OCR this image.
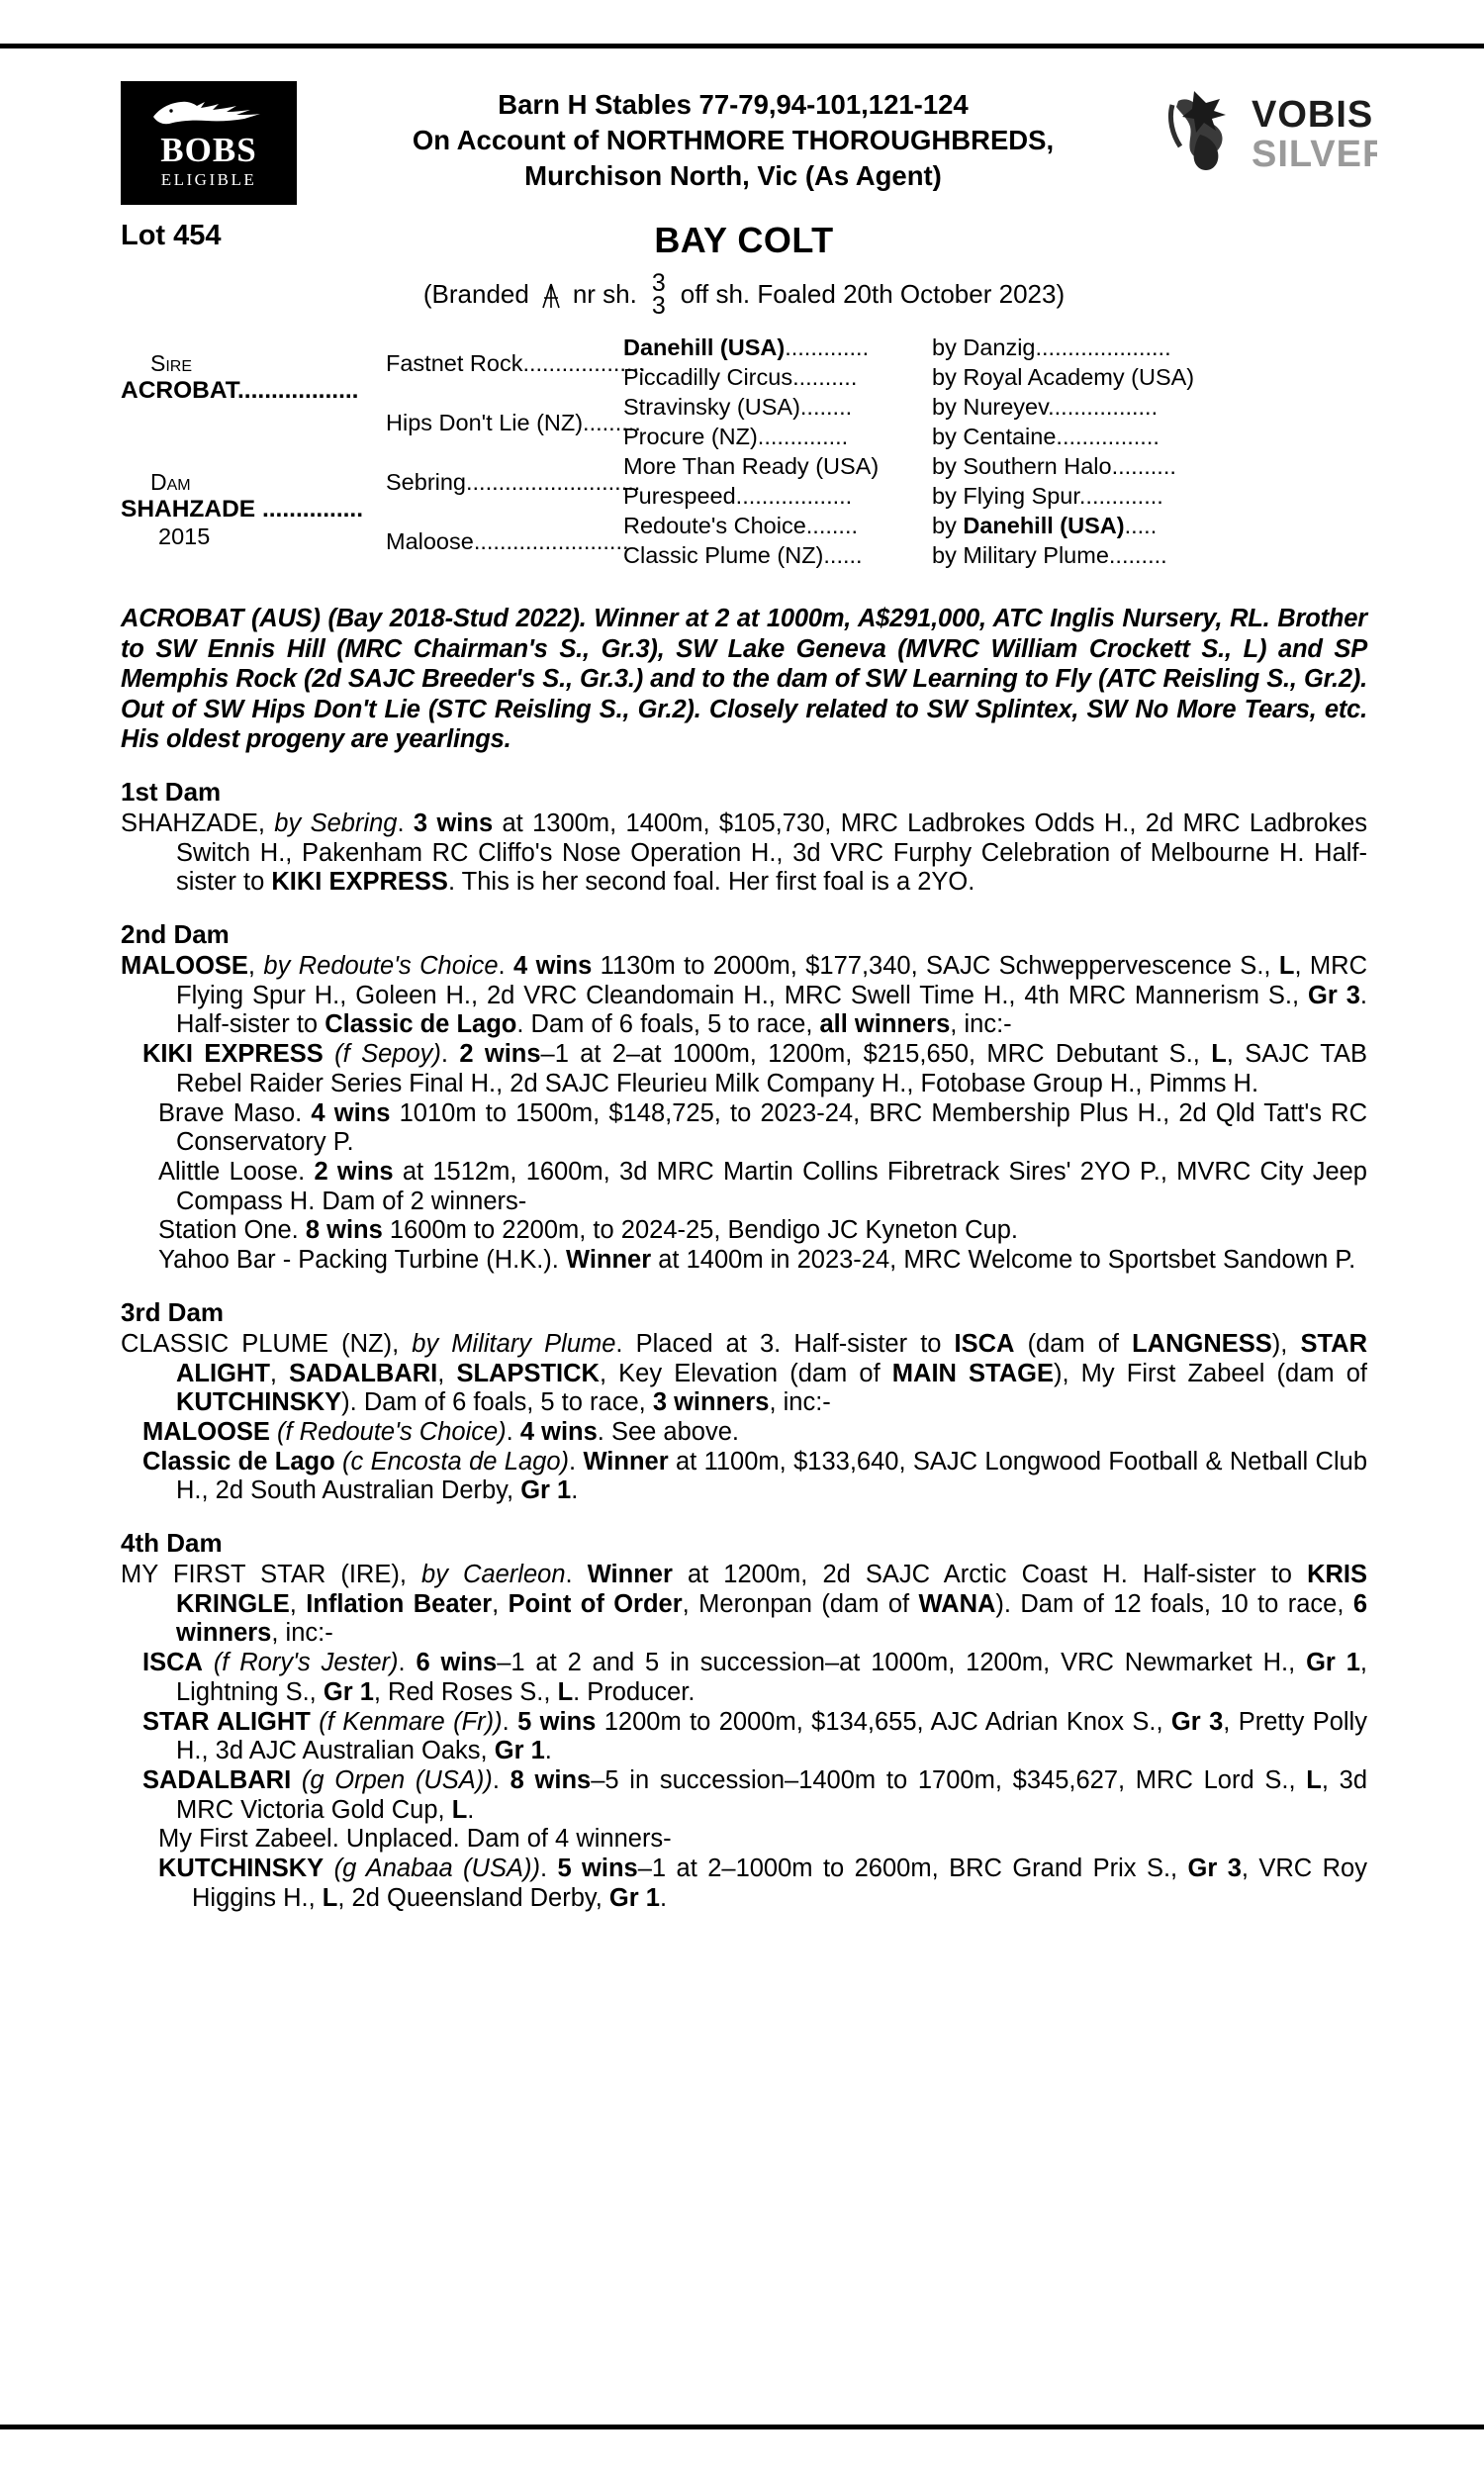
BOBS
ELIGIBLE
Barn H Stables 77-79,94-101,121-124
On Account of NORTHMORE THOROUGHBREDS,
Murchison North, Vic (As Agent)
VOBIS
SILVER
Lot 454	BAY COLT
(Branded nr sh. 3
3 off sh. Foaled 20th October 2023)
Sire
ACROBAT..................
Dam
SHAHZADE ...............
2015
Fastnet Rock...................
Hips Don't Lie (NZ).........
Sebring...........................
Maloose........................
Danehill (USA).............	by Danzig.....................
Piccadilly Circus..........	by Royal Academy (USA)
Stravinsky (USA)........	by Nureyev.................
Procure (NZ)..............	by Centaine................
More Than Ready (USA) by Southern Halo..........
Purespeed..................	by Flying Spur.............
Redoute's Choice........	by Danehill (USA).....
Classic Plume (NZ)......	by Military Plume.........
ACROBAT (AUS) (Bay 2018-Stud 2022). Winner at 2 at 1000m, A$291,000, ATC Inglis Nursery, RL. Brother to SW Ennis Hill (MRC Chairman's S., Gr.3), SW Lake Geneva (MVRC William Crockett S., L) and SP Memphis Rock (2d SAJC Breeder's S., Gr.3.) and to the dam of SW Learning to Fly (ATC Reisling S., Gr.2). Out of SW Hips Don't Lie (STC Reisling S., Gr.2). Closely related to SW Splintex, SW No More Tears, etc. His oldest progeny are yearlings.
1st Dam

SHAHZADE, by Sebring. 3 wins at 1300m, 1400m, $105,730, MRC Ladbrokes Odds H., 2d MRC Ladbrokes Switch H., Pakenham RC Cliffo's Nose Operation H., 3d VRC Furphy Celebration of Melbourne H. Half-sister to KIKI EXPRESS. This is her second foal. Her first foal is a 2YO.

2nd Dam

MALOOSE, by Redoute's Choice. 4 wins 1130m to 2000m, $177,340, SAJC Schweppervescence S., L, MRC Flying Spur H., Goleen H., 2d VRC Cleandomain H., MRC Swell Time H., 4th MRC Mannerism S., Gr 3. Half-sister to Classic de Lago. Dam of 6 foals, 5 to race, all winners, inc:-

KIKI EXPRESS (f Sepoy). 2 wins–1 at 2–at 1000m, 1200m, $215,650, MRC Debutant S., L, SAJC TAB Rebel Raider Series Final H., 2d SAJC Fleurieu Milk Company H., Fotobase Group H., Pimms H.

Brave Maso. 4 wins 1010m to 1500m, $148,725, to 2023-24, BRC Membership Plus H., 2d Qld Tatt's RC Conservatory P.

Alittle Loose. 2 wins at 1512m, 1600m, 3d MRC Martin Collins Fibretrack Sires' 2YO P., MVRC City Jeep Compass H. Dam of 2 winners-

Station One. 8 wins 1600m to 2200m, to 2024-25, Bendigo JC Kyneton Cup.

Yahoo Bar - Packing Turbine (H.K.). Winner at 1400m in 2023-24, MRC Welcome to Sportsbet Sandown P.

3rd Dam

CLASSIC PLUME (NZ), by Military Plume. Placed at 3. Half-sister to ISCA (dam of LANGNESS), STAR ALIGHT, SADALBARI, SLAPSTICK, Key Elevation (dam of MAIN STAGE), My First Zabeel (dam of KUTCHINSKY). Dam of 6 foals, 5 to race, 3 winners, inc:-

MALOOSE (f Redoute's Choice). 4 wins. See above.

Classic de Lago (c Encosta de Lago). Winner at 1100m, $133,640, SAJC Longwood Football & Netball Club H., 2d South Australian Derby, Gr 1.

4th Dam

MY FIRST STAR (IRE), by Caerleon. Winner at 1200m, 2d SAJC Arctic Coast H. Half-sister to KRIS KRINGLE, Inflation Beater, Point of Order, Meronpan (dam of WANA). Dam of 12 foals, 10 to race, 6 winners, inc:-

ISCA (f Rory's Jester). 6 wins–1 at 2 and 5 in succession–at 1000m, 1200m, VRC Newmarket H., Gr 1, Lightning S., Gr 1, Red Roses S., L. Producer.

STAR ALIGHT (f Kenmare (Fr)). 5 wins 1200m to 2000m, $134,655, AJC Adrian Knox S., Gr 3, Pretty Polly H., 3d AJC Australian Oaks, Gr 1.

SADALBARI (g Orpen (USA)). 8 wins–5 in succession–1400m to 1700m, $345,627, MRC Lord S., L, 3d MRC Victoria Gold Cup, L.

My First Zabeel. Unplaced. Dam of 4 winners-

KUTCHINSKY (g Anabaa (USA)). 5 wins–1 at 2–1000m to 2600m, BRC Grand Prix S., Gr 3, VRC Roy Higgins H., L, 2d Queensland Derby, Gr 1.
